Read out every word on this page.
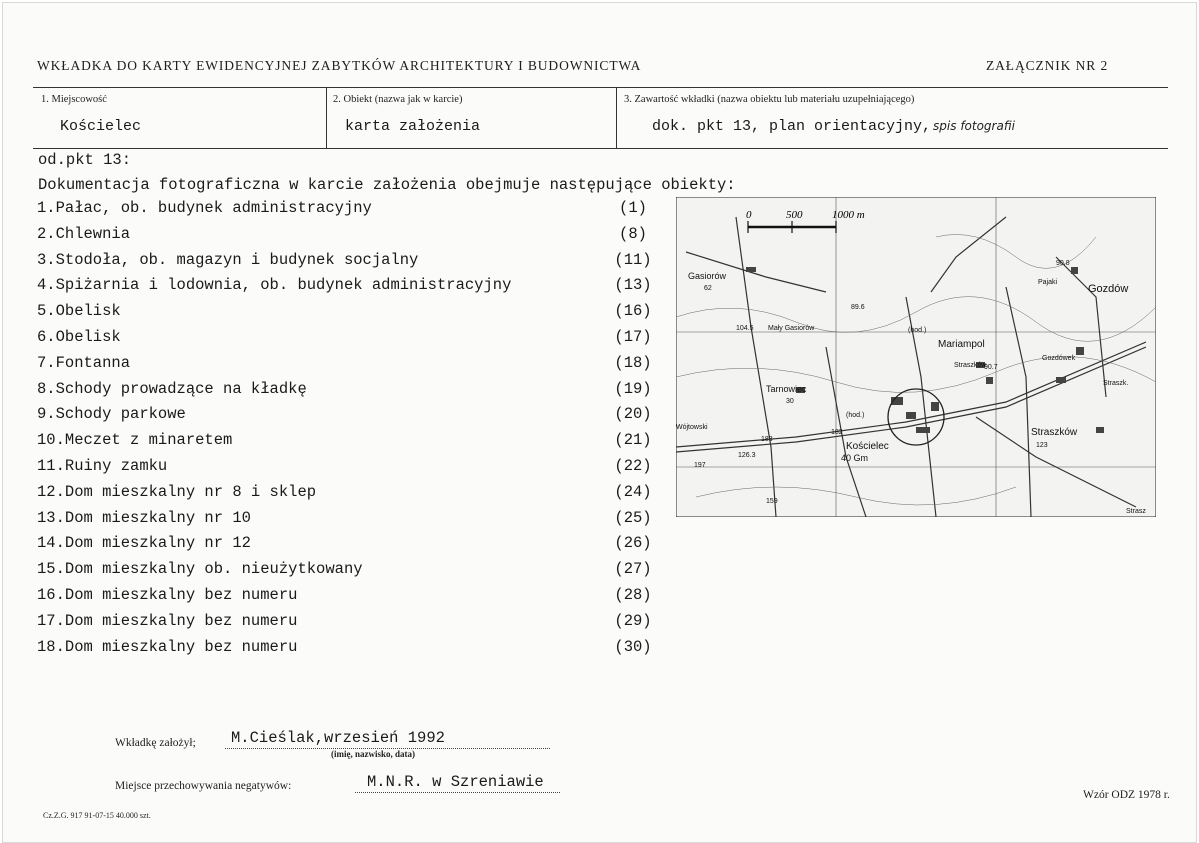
WKŁADKA DO KARTY EWIDENCYJNEJ ZABYTKÓW ARCHITEKTURY I BUDOWNICTWA	ZAŁĄCZNIK NR 2
1. Miejscowość
Kościelec
2. Obiekt (nazwa jak w karcie)
karta założenia
3. Zawartość wkładki (nazwa obiektu lub materiału uzupełniającego)
dok. pkt 13, plan orientacyjny, spis fotografii
od.pkt 13:
Dokumentacja fotograficzna w karcie założenia obejmuje następujące obiekty:
1.Pałac, ob. budynek administracyjny	(1)
2.Chlewnia	(8)
3.Stodoła, ob. magazyn i budynek socjalny	(11)
4.Spiżarnia i lodownia, ob. budynek administracyjny	(13)
5.Obelisk	(16)
6.Obelisk	(17)
7.Fontanna	(18)
8.Schody prowadzące na kładkę	(19)
9.Schody parkowe	(20)
10.Meczet z minaretem	(21)
11.Ruiny zamku	(22)
12.Dom mieszkalny nr 8 i sklep	(24)
13.Dom mieszkalny nr 10	(25)
14.Dom mieszkalny nr 12	(26)
15.Dom mieszkalny ob. nieużytkowany	(27)
16.Dom mieszkalny bez numeru	(28)
17.Dom mieszkalny bez numeru	(29)
18.Dom mieszkalny bez numeru	(30)
0	500	1000 m
Gasiorów
62
Mały Gasiorów
104.5
89.6
Gozdów
90.8
Pajaki
Mariampol
(hod.)
Straszków
90.7
Gozdówek
Tarnowiec
30
(hod.)
Kościelec
40 Gm
Straszków
123
Straszk.
Wójtowski
183
182
126.3
197
159
Strasz
Wkładkę założył; M.Cieślak,wrzesień 1992
(imię, nazwisko, data)
Miejsce przechowywania negatywów:	M.N.R. w Szreniawie
Cz.Z.G. 917 91-07-15 40.000 szt.
Wzór ODZ 1978 r.
